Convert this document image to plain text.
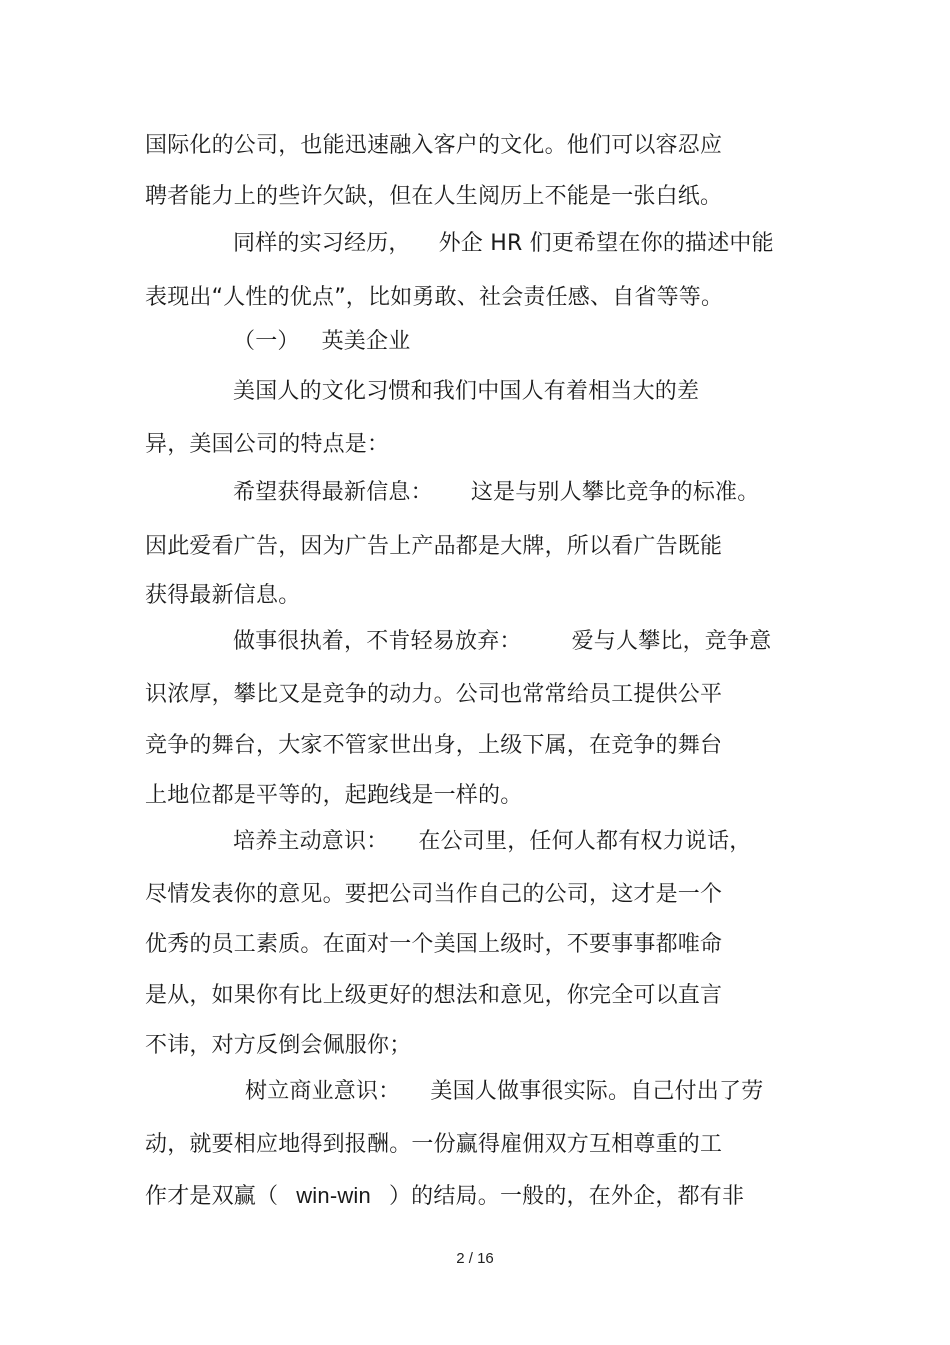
国际化的公司，也能迅速融入客户的文化。他们可以容忍应
聘者能力上的些许欠缺，但在人生阅历上不能是一张白纸。
同样的实习经历， 外企 HR 们更希望在你的描述中能
表现出“人性的优点”，比如勇敢、社会责任感、自省等等。
（一） 英美企业
美国人的文化习惯和我们中国人有着相当大的差
异，美国公司的特点是：
希望获得最新信息： 这是与别人攀比竞争的标准。
因此爱看广告，因为广告上产品都是大牌，所以看广告既能
获得最新信息。
做事很执着，不肯轻易放弃： 爱与人攀比，竞争意
识浓厚，攀比又是竞争的动力。公司也常常给员工提供公平
竞争的舞台，大家不管家世出身，上级下属，在竞争的舞台
上地位都是平等的，起跑线是一样的。
培养主动意识： 在公司里，任何人都有权力说话，
尽情发表你的意见。要把公司当作自己的公司，这才是一个
优秀的员工素质。在面对一个美国上级时，不要事事都唯命
是从，如果你有比上级更好的想法和意见，你完全可以直言
不讳，对方反倒会佩服你；
树立商业意识： 美国人做事很实际。自己付出了劳
动，就要相应地得到报酬。一份赢得雇佣双方互相尊重的工
作才是双赢（ win-win ）的结局。一般的，在外企，都有非
2 / 16
